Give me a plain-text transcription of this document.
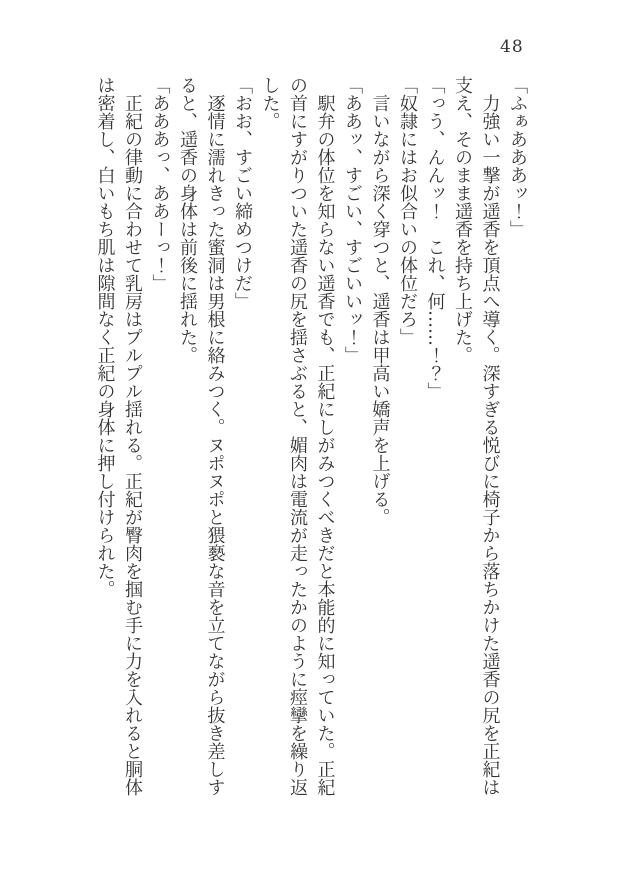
48

「ふぁあああッ！」

力強い一撃が遥香を頂点へ導く。深すぎる悦びに椅子から落ちかけた遥香の尻を正紀は支え、そのまま遥香を持ち上げた。

「っう、んんッ！　これ、何……！？」

「奴隷にはお似合いの体位だろ」

言いながら深く穿つと、遥香は甲高い嬌声を上げる。

「ああッ、すごい、すごいいッ！」

駅弁の体位を知らない遥香でも、正紀にしがみつくべきだと本能的に知っていた。正紀の首にすがりついた遥香の尻を揺さぶると、媚肉は電流が走ったかのように痙攣を繰り返した。

「おお、すごい締めつけだ」

逐情に濡れきった蜜洞は男根に絡みつく。ヌポヌポと猥褻な音を立てながら抜き差しすると、遥香の身体は前後に揺れた。

「あああっ、ああーっ！」

正紀の律動に合わせて乳房はプルプル揺れる。正紀が臀肉を掴む手に力を入れると胴体は密着し、白いもち肌は隙間なく正紀の身体に押し付けられた。
